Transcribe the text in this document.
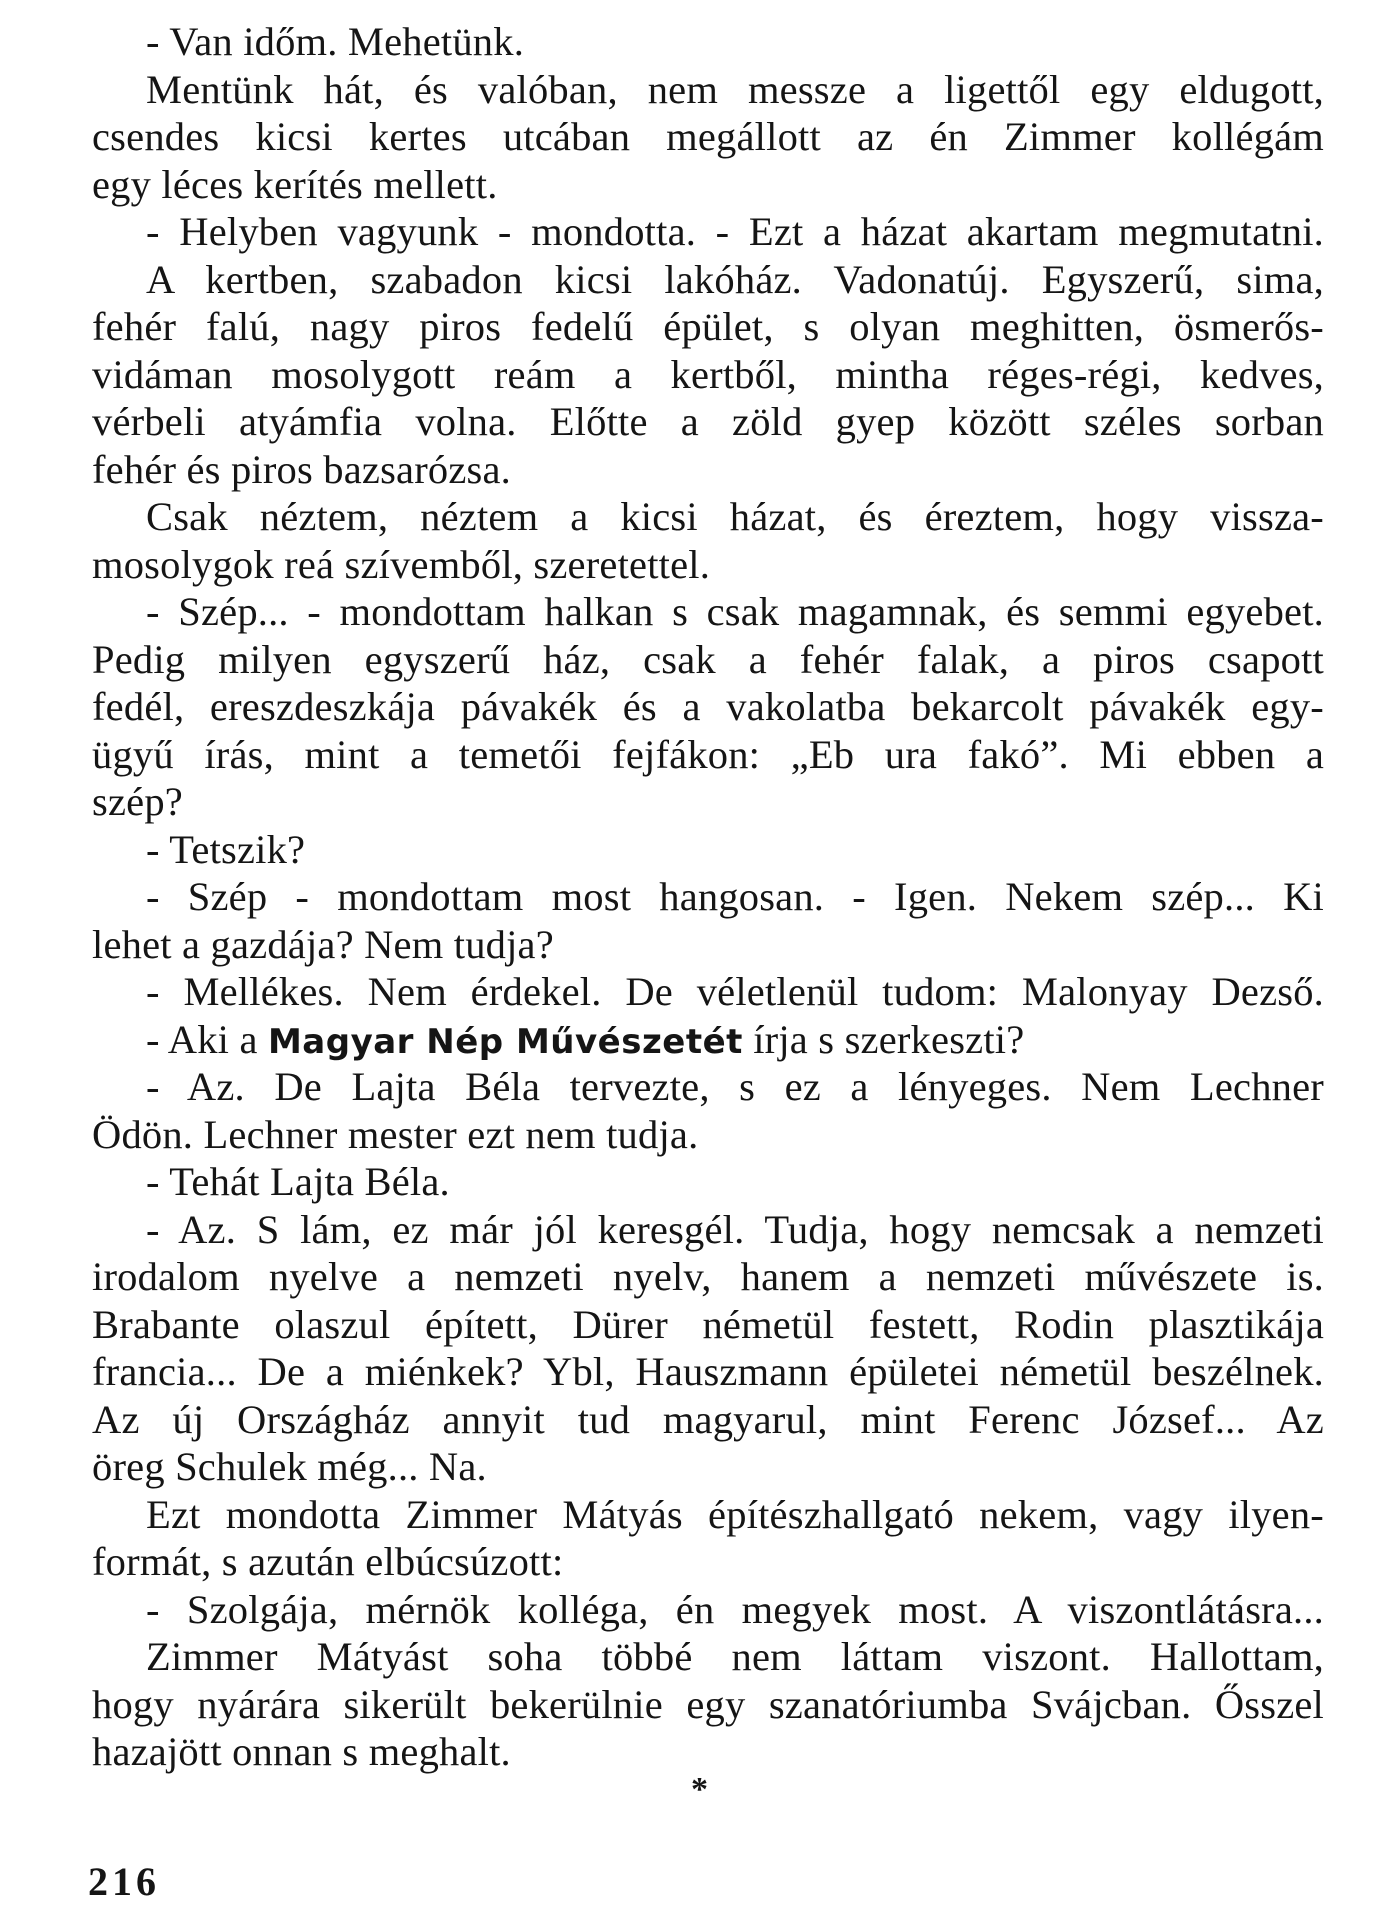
- Van időm. Mehetünk.
Mentünk hát, és valóban, nem messze a ligettől egy eldugott,
csendes kicsi kertes utcában megállott az én Zimmer kollégám
egy léces kerítés mellett.
- Helyben vagyunk - mondotta. - Ezt a házat akartam megmutatni.
A kertben, szabadon kicsi lakóház. Vadonatúj. Egyszerű, sima,
fehér falú, nagy piros fedelű épület, s olyan meghitten, ösmerős-
vidáman mosolygott reám a kertből, mintha réges-régi, kedves,
vérbeli atyámfia volna. Előtte a zöld gyep között széles sorban
fehér és piros bazsarózsa.
Csak néztem, néztem a kicsi házat, és éreztem, hogy vissza-
mosolygok reá szívemből, szeretettel.
- Szép... - mondottam halkan s csak magamnak, és semmi egyebet.
Pedig milyen egyszerű ház, csak a fehér falak, a piros csapott
fedél, ereszdeszkája pávakék és a vakolatba bekarcolt pávakék egy-
ügyű írás, mint a temetői fejfákon: „Eb ura fakó”. Mi ebben a
szép?
- Tetszik?
- Szép - mondottam most hangosan. - Igen. Nekem szép... Ki
lehet a gazdája? Nem tudja?
- Mellékes. Nem érdekel. De véletlenül tudom: Malonyay Dezső.
- Aki a Magyar Nép Művészetét írja s szerkeszti?
- Az. De Lajta Béla tervezte, s ez a lényeges. Nem Lechner
Ödön. Lechner mester ezt nem tudja.
- Tehát Lajta Béla.
- Az. S lám, ez már jól keresgél. Tudja, hogy nemcsak a nemzeti
irodalom nyelve a nemzeti nyelv, hanem a nemzeti művészete is.
Brabante olaszul épített, Dürer németül festett, Rodin plasztikája
francia... De a miénkek? Ybl, Hauszmann épületei németül beszélnek.
Az új Országház annyit tud magyarul, mint Ferenc József... Az
öreg Schulek még... Na.
Ezt mondotta Zimmer Mátyás építészhallgató nekem, vagy ilyen-
formát, s azután elbúcsúzott:
- Szolgája, mérnök kolléga, én megyek most. A viszontlátásra...
Zimmer Mátyást soha többé nem láttam viszont. Hallottam,
hogy nyárára sikerült bekerülnie egy szanatóriumba Svájcban. Ősszel
hazajött onnan s meghalt.
*
216
